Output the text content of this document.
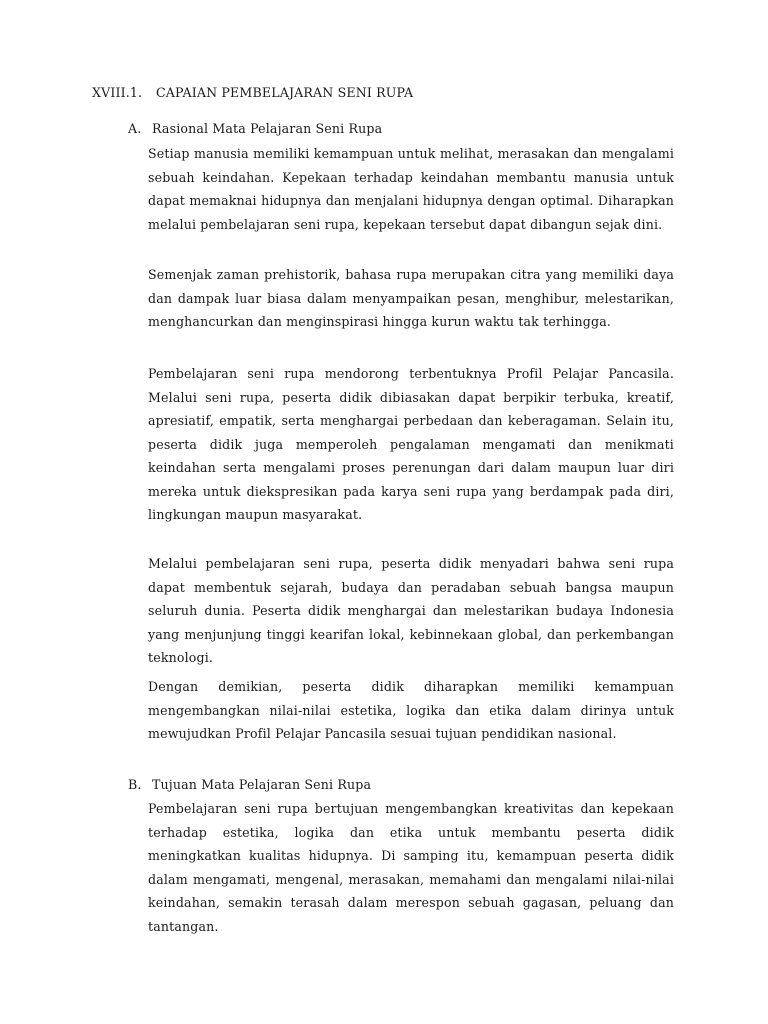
XVIII.1. CAPAIAN PEMBELAJARAN SENI RUPA
A. Rasional Mata Pelajaran Seni Rupa

Setiap manusia memiliki kemampuan untuk melihat, merasakan dan mengalami sebuah keindahan. Kepekaan terhadap keindahan membantu manusia untuk dapat memaknai hidupnya dan menjalani hidupnya dengan optimal. Diharapkan melalui pembelajaran seni rupa, kepekaan tersebut dapat dibangun sejak dini.

Semenjak zaman prehistorik, bahasa rupa merupakan citra yang memiliki daya dan dampak luar biasa dalam menyampaikan pesan, menghibur, melestarikan, menghancurkan dan menginspirasi hingga kurun waktu tak terhingga.

Pembelajaran seni rupa mendorong terbentuknya Profil Pelajar Pancasila. Melalui seni rupa, peserta didik dibiasakan dapat berpikir terbuka, kreatif, apresiatif, empatik, serta menghargai perbedaan dan keberagaman. Selain itu, peserta didik juga memperoleh pengalaman mengamati dan menikmati keindahan serta mengalami proses perenungan dari dalam maupun luar diri mereka untuk diekspresikan pada karya seni rupa yang berdampak pada diri, lingkungan maupun masyarakat.

Melalui pembelajaran seni rupa, peserta didik menyadari bahwa seni rupa dapat membentuk sejarah, budaya dan peradaban sebuah bangsa maupun seluruh dunia. Peserta didik menghargai dan melestarikan budaya Indonesia yang menjunjung tinggi kearifan lokal, kebinnekaan global, dan perkembangan teknologi.

Dengan demikian, peserta didik diharapkan memiliki kemampuan mengembangkan nilai-nilai estetika, logika dan etika dalam dirinya untuk mewujudkan Profil Pelajar Pancasila sesuai tujuan pendidikan nasional.

B. Tujuan Mata Pelajaran Seni Rupa

Pembelajaran seni rupa bertujuan mengembangkan kreativitas dan kepekaan terhadap estetika, logika dan etika untuk membantu peserta didik meningkatkan kualitas hidupnya. Di samping itu, kemampuan peserta didik dalam mengamati, mengenal, merasakan, memahami dan mengalami nilai-nilai keindahan, semakin terasah dalam merespon sebuah gagasan, peluang dan tantangan.
